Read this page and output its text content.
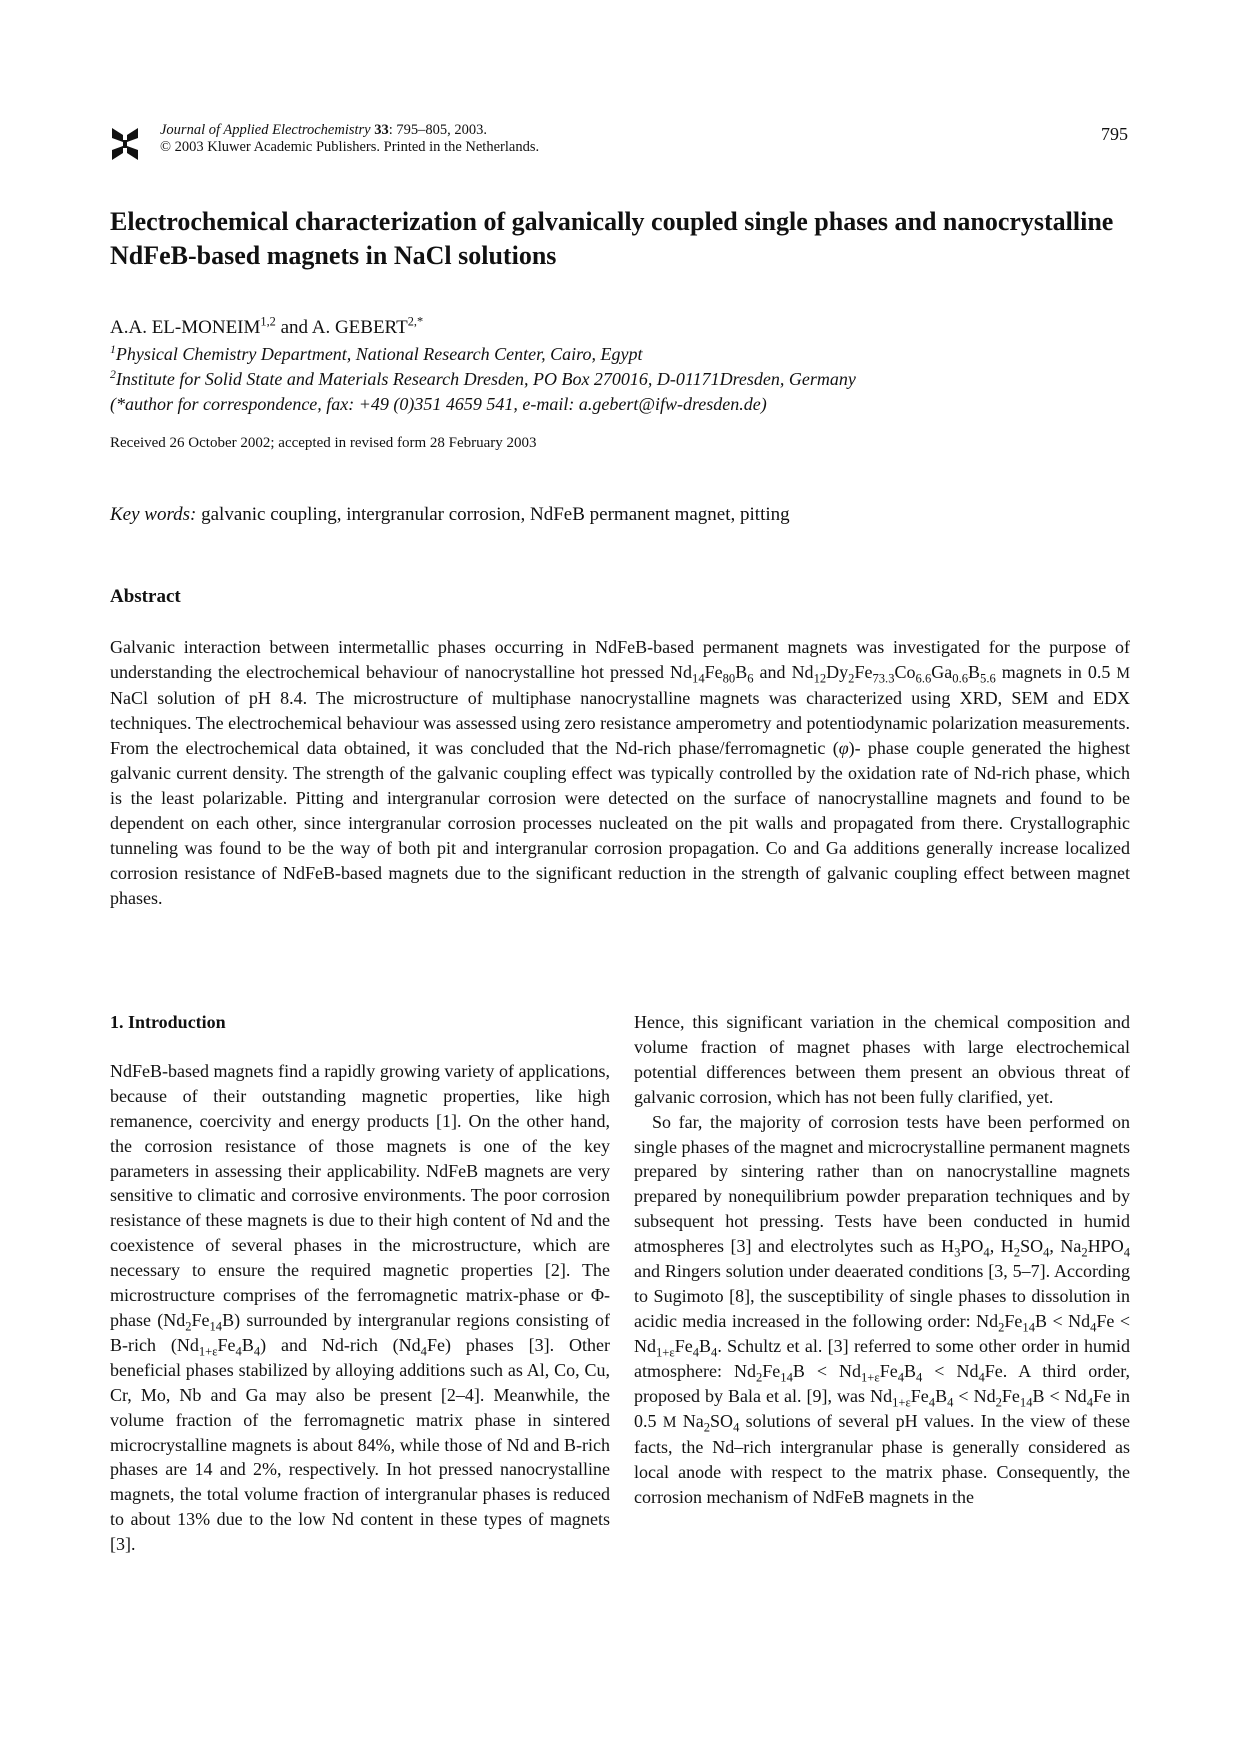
Journal of Applied Electrochemistry 33: 795–805, 2003.
© 2003 Kluwer Academic Publishers. Printed in the Netherlands.
795
Electrochemical characterization of galvanically coupled single phases and nanocrystalline NdFeB-based magnets in NaCl solutions
A.A. EL-MONEIM$^{1,2}$ and A. $GEBERT^{2,*}$
$^1$Physical Chemistry Department, National Research Center, Cairo, Egypt
$^2$Institute for Solid State and Materials Research Dresden, PO Box 270016, D-01171Dresden, Germany
(*author for correspondence, fax: +49 (0)351 4659 541, e-mail: a.gebert@ifw-dresden.de)
Received 26 October 2002; accepted in revised form 28 February 2003
Key words: galvanic coupling, intergranular corrosion, NdFeB permanent magnet, pitting
Abstract

Galvanic interaction between intermetallic phases occurring in NdFeB-based permanent magnets was investigated for the purpose of understanding the electrochemical behaviour of nanocrystalline hot pressed $Nd_{14}Fe_{80}B_6$ and $Nd_{12}Dy_2Fe_{73.3}Co_{6.6}Ga_{0.6}B_{5.6}$ magnets in 0.5 M NaCl solution of pH 8.4. The microstructure of multiphase nanocrystalline magnets was characterized using XRD, SEM and EDX techniques. The electrochemical behaviour was assessed using zero resistance amperometry and potentiodynamic polarization measurements. From the electrochemical data obtained, it was concluded that the Nd-rich phase/ferromagnetic (φ)- phase couple generated the highest galvanic current density. The strength of the galvanic coupling effect was typically controlled by the oxidation rate of Nd-rich phase, which is the least polarizable. Pitting and intergranular corrosion were detected on the surface of nanocrystalline magnets and found to be dependent on each other, since intergranular corrosion processes nucleated on the pit walls and propagated from there. Crystallographic tunneling was found to be the way of both pit and intergranular corrosion propagation. Co and Ga additions generally increase localized corrosion resistance of NdFeB-based magnets due to the significant reduction in the strength of galvanic coupling effect between magnet phases.

1. Introduction

NdFeB-based magnets find a rapidly growing variety of applications, because of their outstanding magnetic properties, like high remanence, coercivity and energy products [1]. On the other hand, the corrosion resistance of those magnets is one of the key parameters in assessing their applicability. NdFeB magnets are very sensitive to climatic and corrosive environments. The poor corrosion resistance of these magnets is due to their high content of Nd and the coexistence of several phases in the microstructure, which are necessary to ensure the required magnetic properties [2]. The microstructure comprises of the ferromagnetic matrix-phase or Φ-phase $(Nd_2Fe_{14}B)$ surrounded by intergranular regions consisting of B-rich $(Nd_{1+\varepsilon}Fe_4B_4)$ and Nd-rich $(Nd_4Fe)$ phases [3]. Other beneficial phases stabilized by alloying additions such as Al, Co, Cu, Cr, Mo, Nb and Ga may also be present [2–4]. Meanwhile, the volume fraction of the ferromagnetic matrix phase in sintered microcrystalline magnets is about 84%, while those of Nd and B-rich phases are 14 and 2%, respectively. In hot pressed nanocrystalline magnets, the total volume fraction of intergranular phases is reduced to about 13% due to the low Nd content in these types of magnets [3].

Hence, this significant variation in the chemical composition and volume fraction of magnet phases with large electrochemical potential differences between them present an obvious threat of galvanic corrosion, which has not been fully clarified, yet.

So far, the majority of corrosion tests have been performed on single phases of the magnet and microcrystalline permanent magnets prepared by sintering rather than on nanocrystalline magnets prepared by nonequilibrium powder preparation techniques and by subsequent hot pressing. Tests have been conducted in humid atmospheres [3] and electrolytes such as $H_3PO_4$, $H_2SO_4$, $Na_2HPO_4$ and Ringers solution under deaerated conditions [3, 5–7]. According to Sugimoto [8], the susceptibility of single phases to dissolution in acidic media increased in the following order: $Nd_2Fe_{14}B < Nd_4Fe < Nd_{1+\varepsilon}Fe_4B_4$. Schultz et al. [3] referred to some other order in humid atmosphere: $Nd_2Fe_{14}B < Nd_{1+\varepsilon}Fe_4B_4 < Nd_4Fe$. A third order, proposed by Bala et al. [9], was $Nd_{1+\varepsilon}Fe_4B_4 < Nd_2Fe_{14}B < Nd_4Fe$ in 0.5 M $Na_2SO_4$ solutions of several pH values. In the view of these facts, the Nd–rich intergranular phase is generally considered as local anode with respect to the matrix phase. Consequently, the corrosion mechanism of NdFeB magnets in the
